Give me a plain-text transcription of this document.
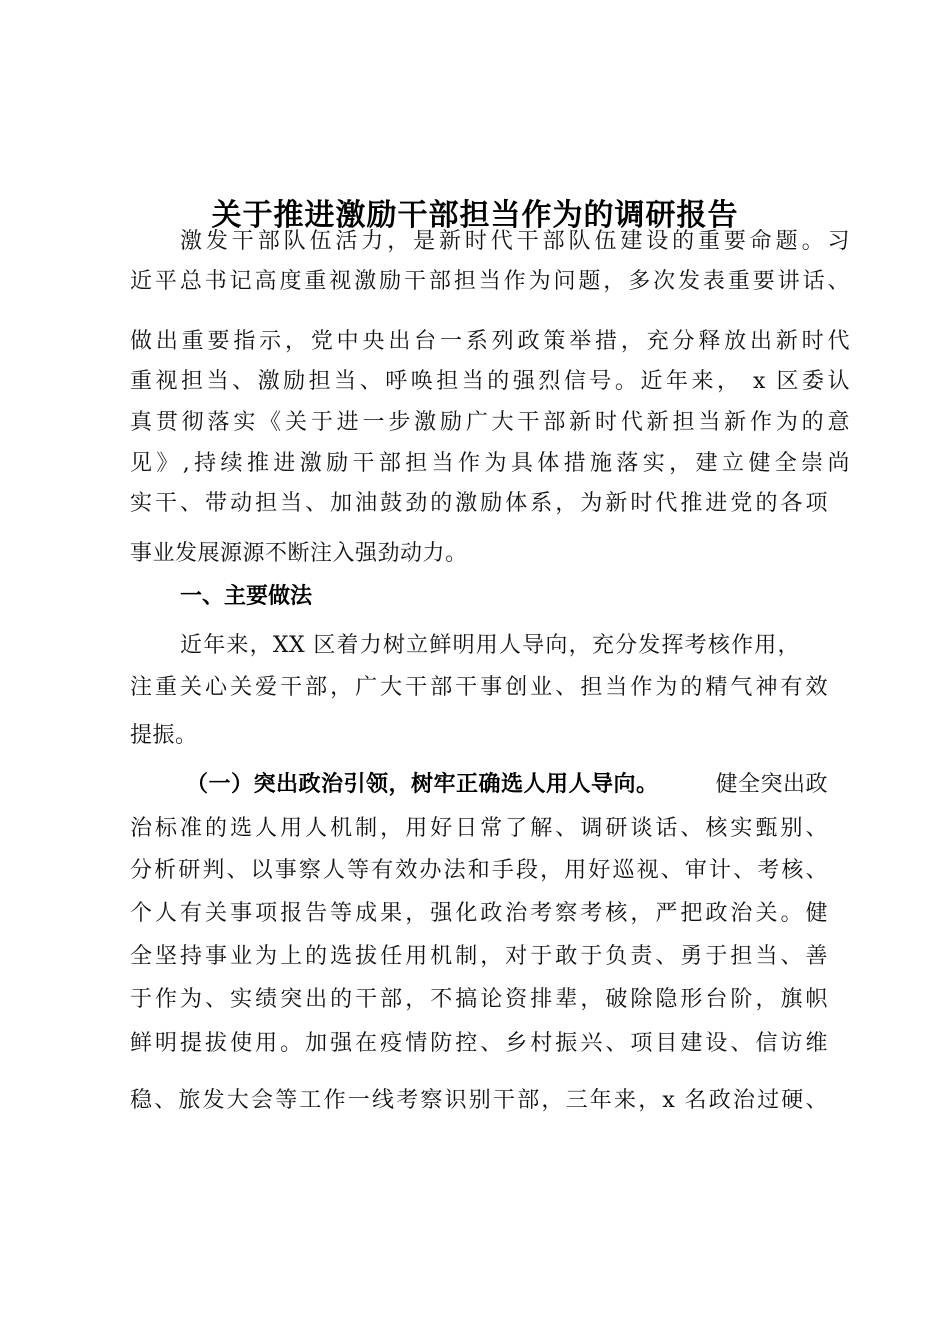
关于推进激励干部担当作为的调研报告
激发干部队伍活力，是新时代干部队伍建设的重要命题。习
近平总书记高度重视激励干部担当作为问题，多次发表重要讲话、
做出重要指示，党中央出台一系列政策举措，充分释放出新时代
重视担当、激励担当、呼唤担当的强烈信号。近年来， x 区委认
真贯彻落实《关于进一步激励广大干部新时代新担当新作为的意
见》,持续推进激励干部担当作为具体措施落实，建立健全崇尚
实干、带动担当、加油鼓劲的激励体系，为新时代推进党的各项
事业发展源源不断注入强劲动力。
一、主要做法
近年来，XX 区着力树立鲜明用人导向，充分发挥考核作用，
注重关心关爱干部，广大干部干事创业、担当作为的精气神有效
提振。
（一）突出政治引领，树牢正确选人用人导向。	健全突出政
治标准的选人用人机制，用好日常了解、调研谈话、核实甄别、
分析研判、以事察人等有效办法和手段，用好巡视、审计、考核、
个人有关事项报告等成果，强化政治考察考核，严把政治关。健
全坚持事业为上的选拔任用机制，对于敢于负责、勇于担当、善
于作为、实绩突出的干部，不搞论资排辈，破除隐形台阶，旗帜
鲜明提拔使用。加强在疫情防控、乡村振兴、项目建设、信访维
稳、旅发大会等工作一线考察识别干部，三年来，x 名政治过硬、
